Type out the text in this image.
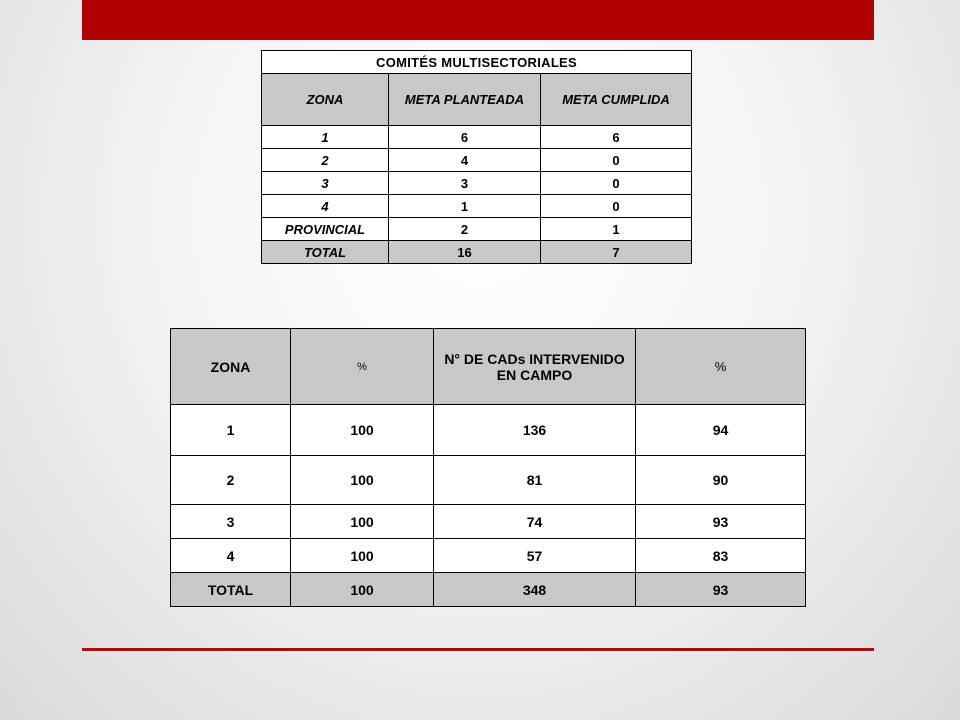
COMITÉS MULTISECTORIALES		
ZONA	META PLANTEADA	META CUMPLIDA
1	6	6
2	4	0
3	3	0
4	1	0
PROVINCIAL	2	1
TOTAL	16	7
ZONA	%	N° DE CADs INTERVENIDO EN CAMPO	%
1	100	136	94
2	100	81	90
3	100	74	93
4	100	57	83
TOTAL	100	348	93
